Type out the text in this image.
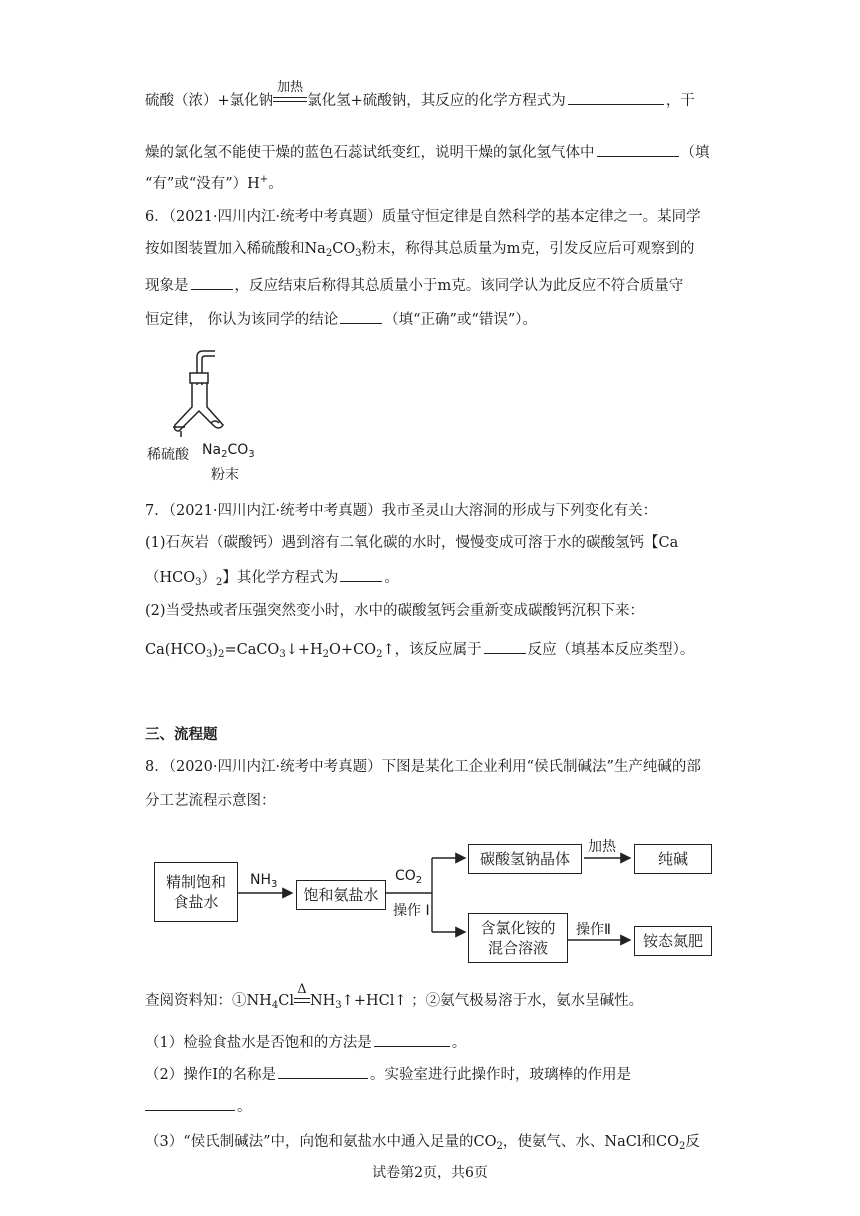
硫酸（浓）+氯化钠
加热
氯化氢+硫酸钠，其反应的化学方程式为	，干
燥的氯化氢不能使干燥的蓝色石蕊试纸变红，说明干燥的氯化氢气体中	（填
“有”或“没有”）H+。
6．（2021·四川内江·统考中考真题）质量守恒定律是自然科学的基本定律之一。某同学
按如图装置加入稀硫酸和$Na_2CO_3$粉末，称得其总质量为m克，引发反应后可观察到的
现象是	，反应结束后称得其总质量小于m克。该同学认为此反应不符合质量守
恒定律， 你认为该同学的结论	（填“正确”或“错误”）。
稀硫酸 $Na_2CO_3$
粉末
7．（2021·四川内江·统考中考真题）我市圣灵山大溶洞的形成与下列变化有关：
(1)石灰岩（碳酸钙）遇到溶有二氧化碳的水时，慢慢变成可溶于水的碳酸氢钙【Ca
$(HCO_3)_2$】其化学方程式为	。
(2)当受热或者压强突然变小时，水中的碳酸氢钙会重新变成碳酸钙沉积下来：
$Ca(HCO_3)_2=CaCO_3↓+H_2O+CO_2↑$，该反应属于	反应（填基本反应类型）。
三、流程题
8．（2020·四川内江·统考中考真题）下图是某化工企业利用“侯氏制碱法”生产纯碱的部
分工艺流程示意图：
精制饱和
食盐水
$NH_3$
饱和氨盐水
$CO_2$
操作 I
碳酸氢钠晶体
加热
纯碱
含氯化铵的
混合溶液
操作Ⅱ
铵态氮肥
查阅资料知：$①NH_4Cl$
Δ
$NH_3↑+HCl↑$ ；②氨气极易溶于水，氨水呈碱性。
（1）检验食盐水是否饱和的方法是	。
（2）操作I的名称是	。实验室进行此操作时，玻璃棒的作用是
。
（3）“侯氏制碱法”中，向饱和氨盐水中通入足量的$CO_2$，使氨气、水、NaCl和$CO_2$反
试卷第2页，共6页
